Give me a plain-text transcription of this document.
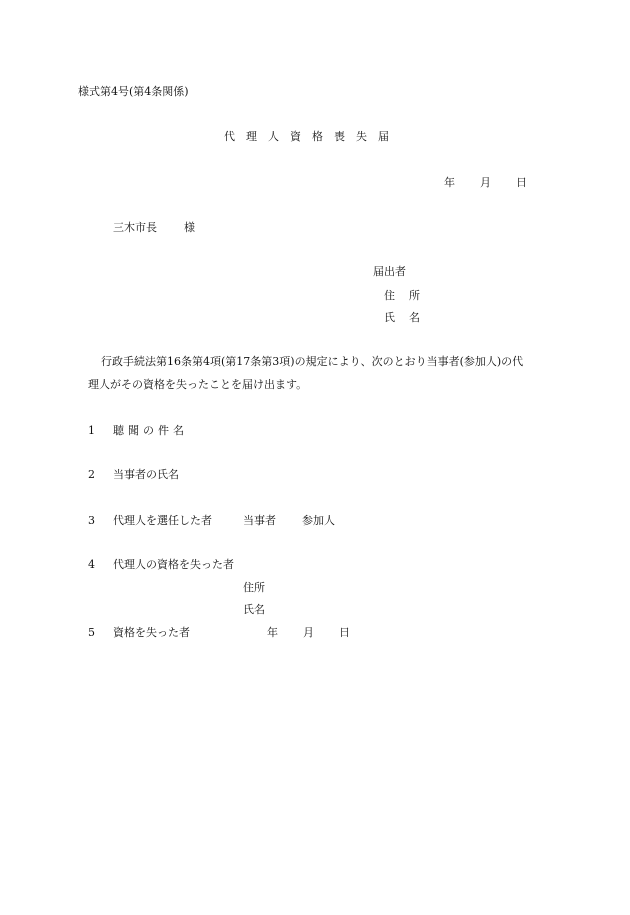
様式第4号(第4条関係)
代理人資格喪失届
年 月 日
三木市長 様
届出者
住所
氏名
行政手続法第16条第4項(第17条第3項)の規定により、次のとおり当事者(参加人)の代
理人がその資格を失ったことを届け出ます。
1 聴聞の件名
2 当事者の氏名
3 代理人を選任した者	当事者 参加人
4 代理人の資格を失った者
住所
氏名
5 資格を失った者	年 月 日
